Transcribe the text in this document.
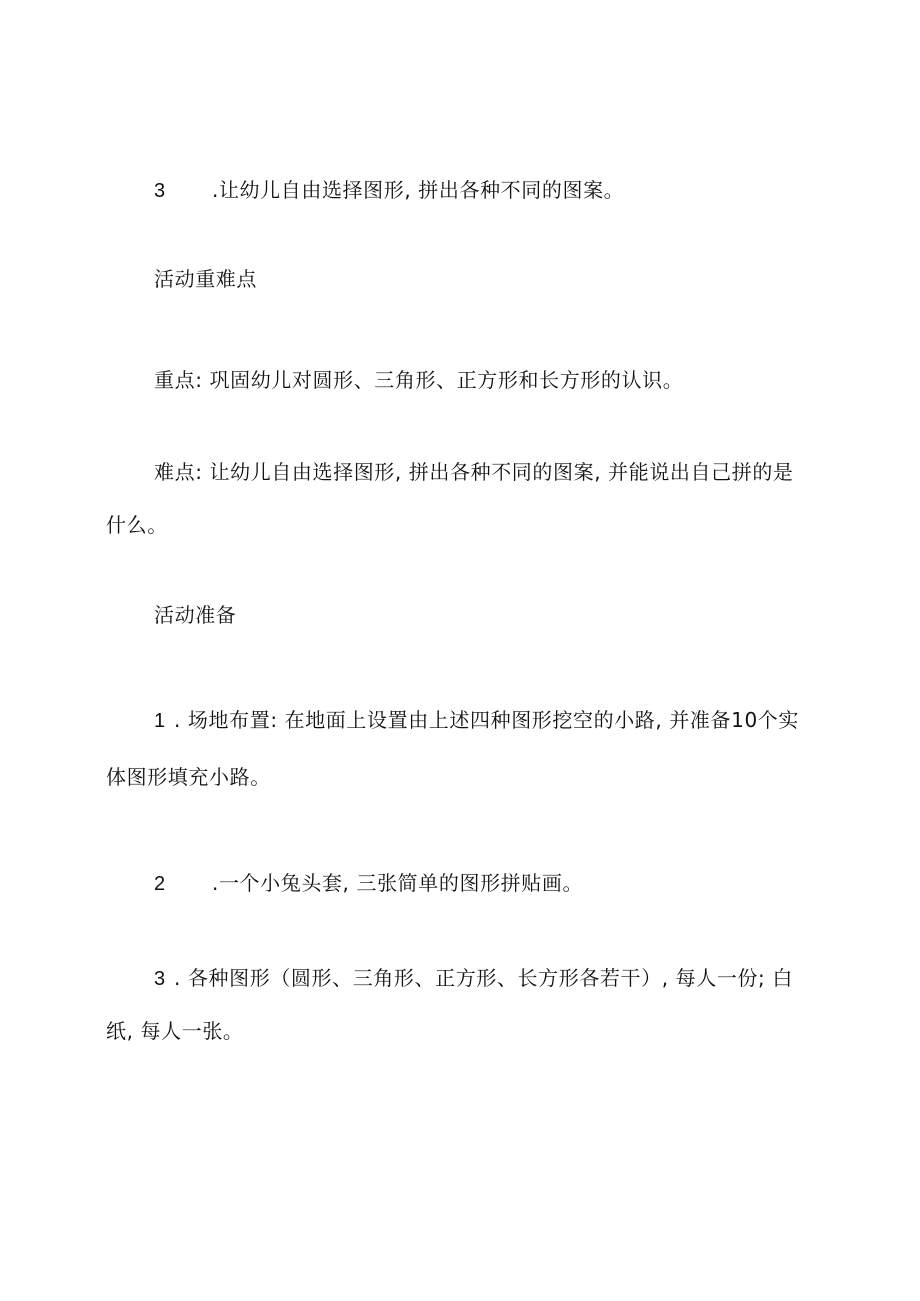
3 .让幼儿自由选择图形, 拼出各种不同的图案。
活动重难点
重点: 巩固幼儿对圆形、三角形、正方形和长方形的认识。
难点: 让幼儿自由选择图形, 拼出各种不同的图案, 并能说出自己拼的是
什么。
活动准备
1 . 场地布置: 在地面上设置由上述四种图形挖空的小路, 并准备10个实
体图形填充小路。
2 .一个小兔头套, 三张简单的图形拼贴画。
3 . 各种图形（圆形、三角形、正方形、长方形各若干）, 每人一份; 白
纸, 每人一张。
